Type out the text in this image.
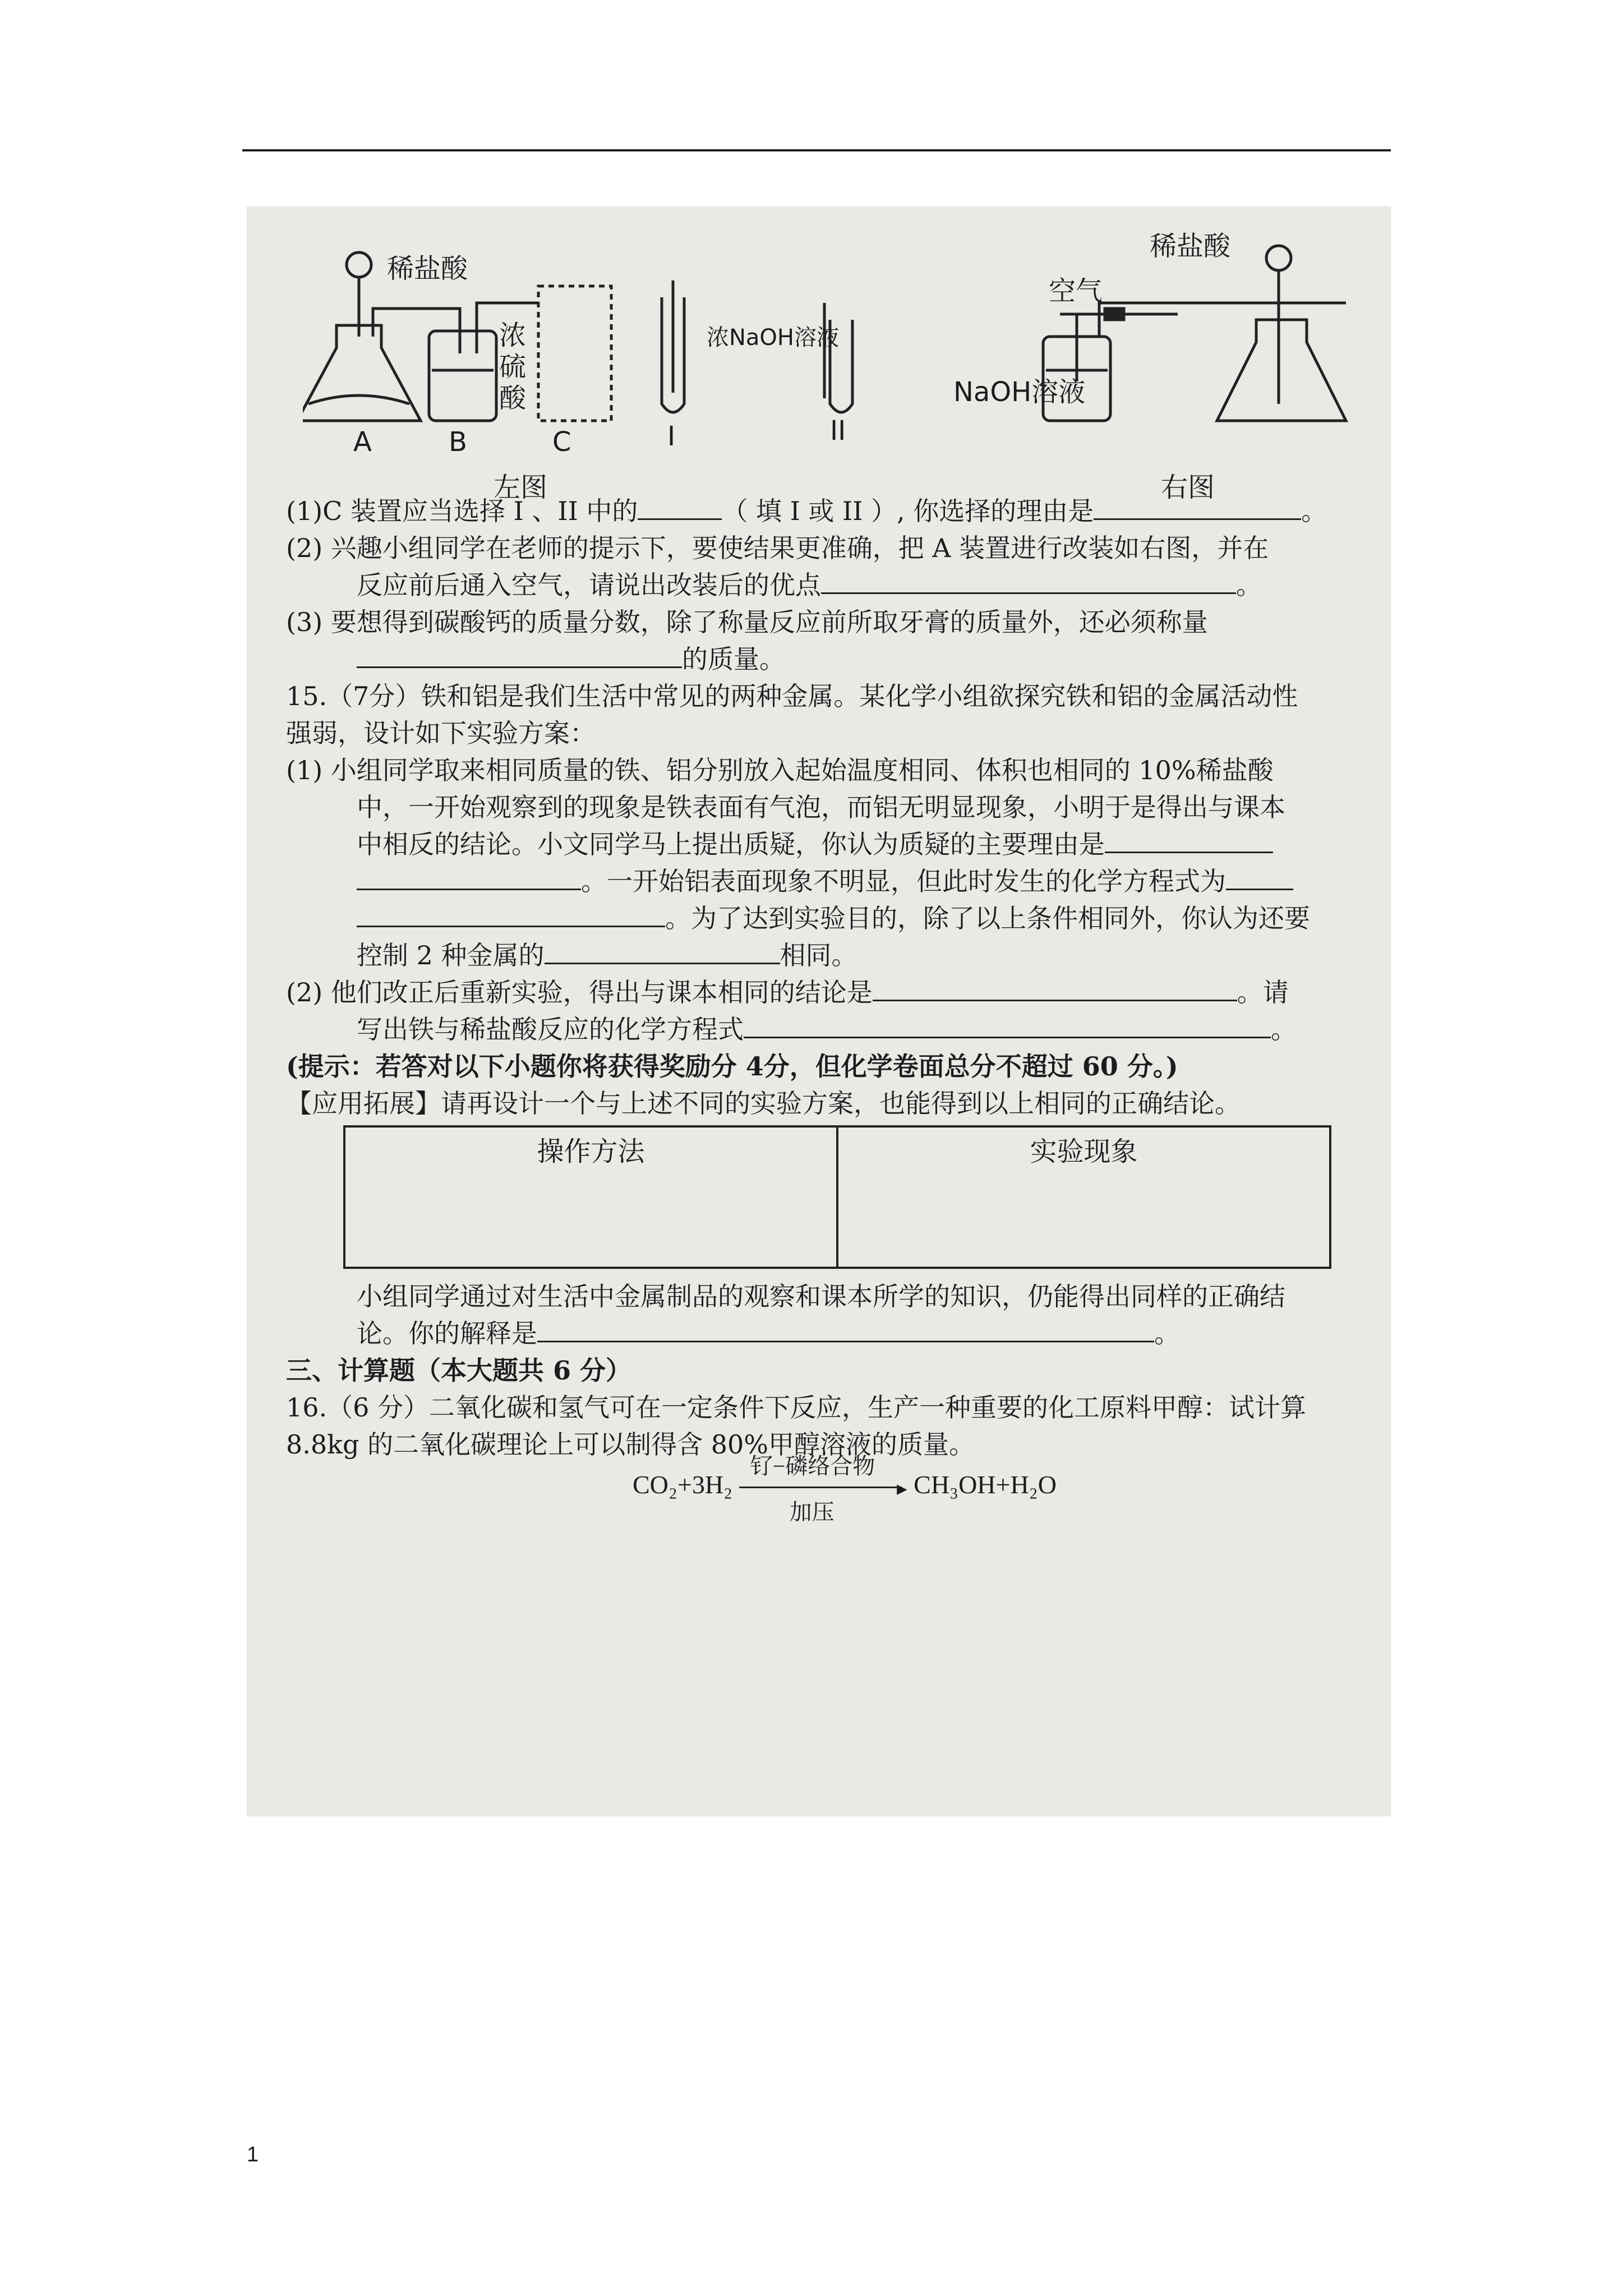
稀盐酸
浓
硫
酸
浓NaOH溶液
A	B	C	I	II
稀盐酸
空气
NaOH溶液
左图	右图
(1)C 装置应当选择 I 、II 中的	（ 填 I 或 II ）, 你选择的理由是	。
(2) 兴趣小组同学在老师的提示下，要使结果更准确，把 A 装置进行改装如右图，并在
反应前后通入空气，请说出改装后的优点	。
(3) 要想得到碳酸钙的质量分数，除了称量反应前所取牙膏的质量外，还必须称量
的质量。
15.（7分）铁和铝是我们生活中常见的两种金属。某化学小组欲探究铁和铝的金属活动性
强弱，设计如下实验方案：
(1) 小组同学取来相同质量的铁、铝分别放入起始温度相同、体积也相同的 10%稀盐酸
中，一开始观察到的现象是铁表面有气泡，而铝无明显现象，小明于是得出与课本
中相反的结论。小文同学马上提出质疑，你认为质疑的主要理由是
。一开始铝表面现象不明显，但此时发生的化学方程式为
。为了达到实验目的，除了以上条件相同外，你认为还要
控制 2 种金属的	相同。
(2) 他们改正后重新实验，得出与课本相同的结论是	。请
写出铁与稀盐酸反应的化学方程式	。
(提示：若答对以下小题你将获得奖励分 4分，但化学卷面总分不超过 60 分。)
【应用拓展】请再设计一个与上述不同的实验方案，也能得到以上相同的正确结论。
操作方法	实验现象
小组同学通过对生活中金属制品的观察和课本所学的知识，仍能得出同样的正确结
论。你的解释是	。
三、计算题（本大题共 6 分）
16.（6 分）二氧化碳和氢气可在一定条件下反应，生产一种重要的化工原料甲醇：试计算
8.8kg 的二氧化碳理论上可以制得含 80%甲醇溶液的质量。
CO₂+3H₂
钌−磷络合物
▶
加压
CH₃OH+H₂O
1
